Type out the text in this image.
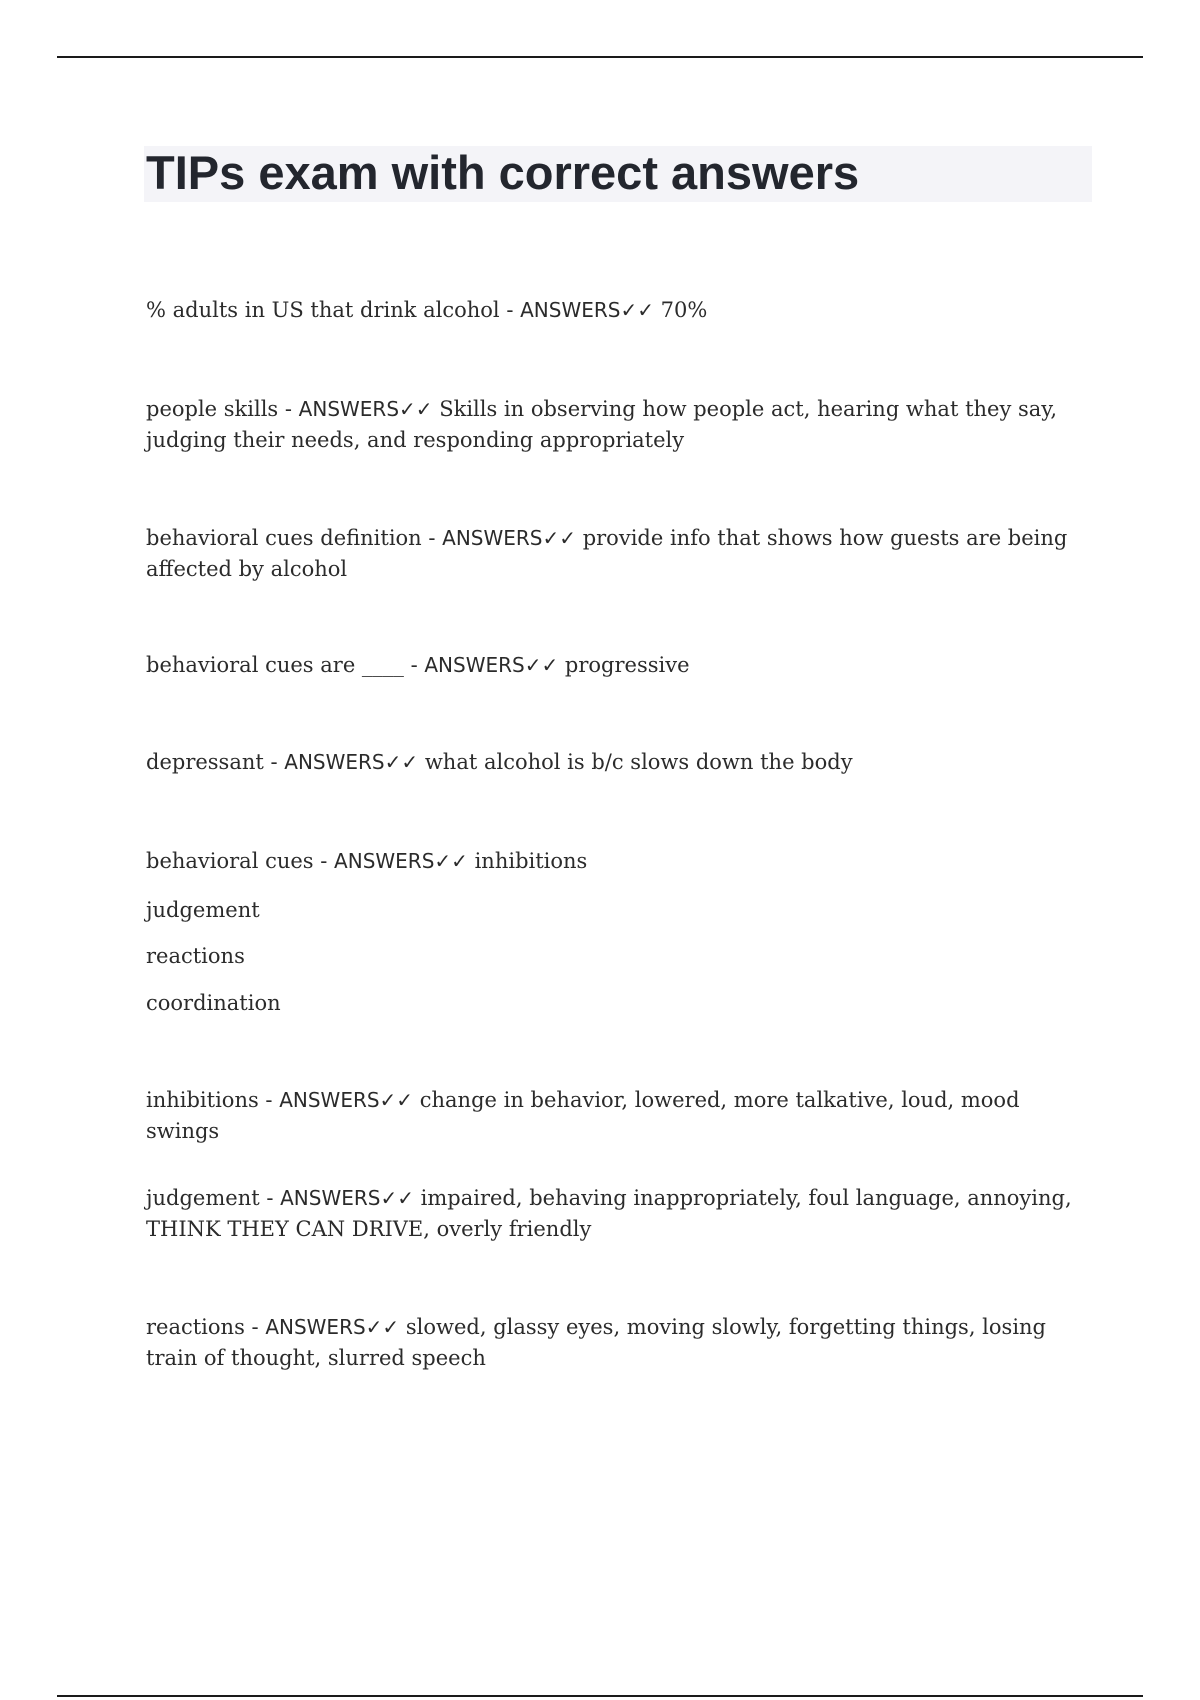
TIPs exam with correct answers

% adults in US that drink alcohol - ANSWERS✓✓ 70%

people skills - ANSWERS✓✓ Skills in observing how people act, hearing what they say, judging their needs, and responding appropriately

behavioral cues definition - ANSWERS✓✓ provide info that shows how guests are being affected by alcohol

behavioral cues are ____ - ANSWERS✓✓ progressive

depressant - ANSWERS✓✓ what alcohol is b/c slows down the body

behavioral cues - ANSWERS✓✓ inhibitions

judgement

reactions

coordination

inhibitions - ANSWERS✓✓ change in behavior, lowered, more talkative, loud, mood swings

judgement - ANSWERS✓✓ impaired, behaving inappropriately, foul language, annoying, THINK THEY CAN DRIVE, overly friendly

reactions - ANSWERS✓✓ slowed, glassy eyes, moving slowly, forgetting things, losing train of thought, slurred speech
